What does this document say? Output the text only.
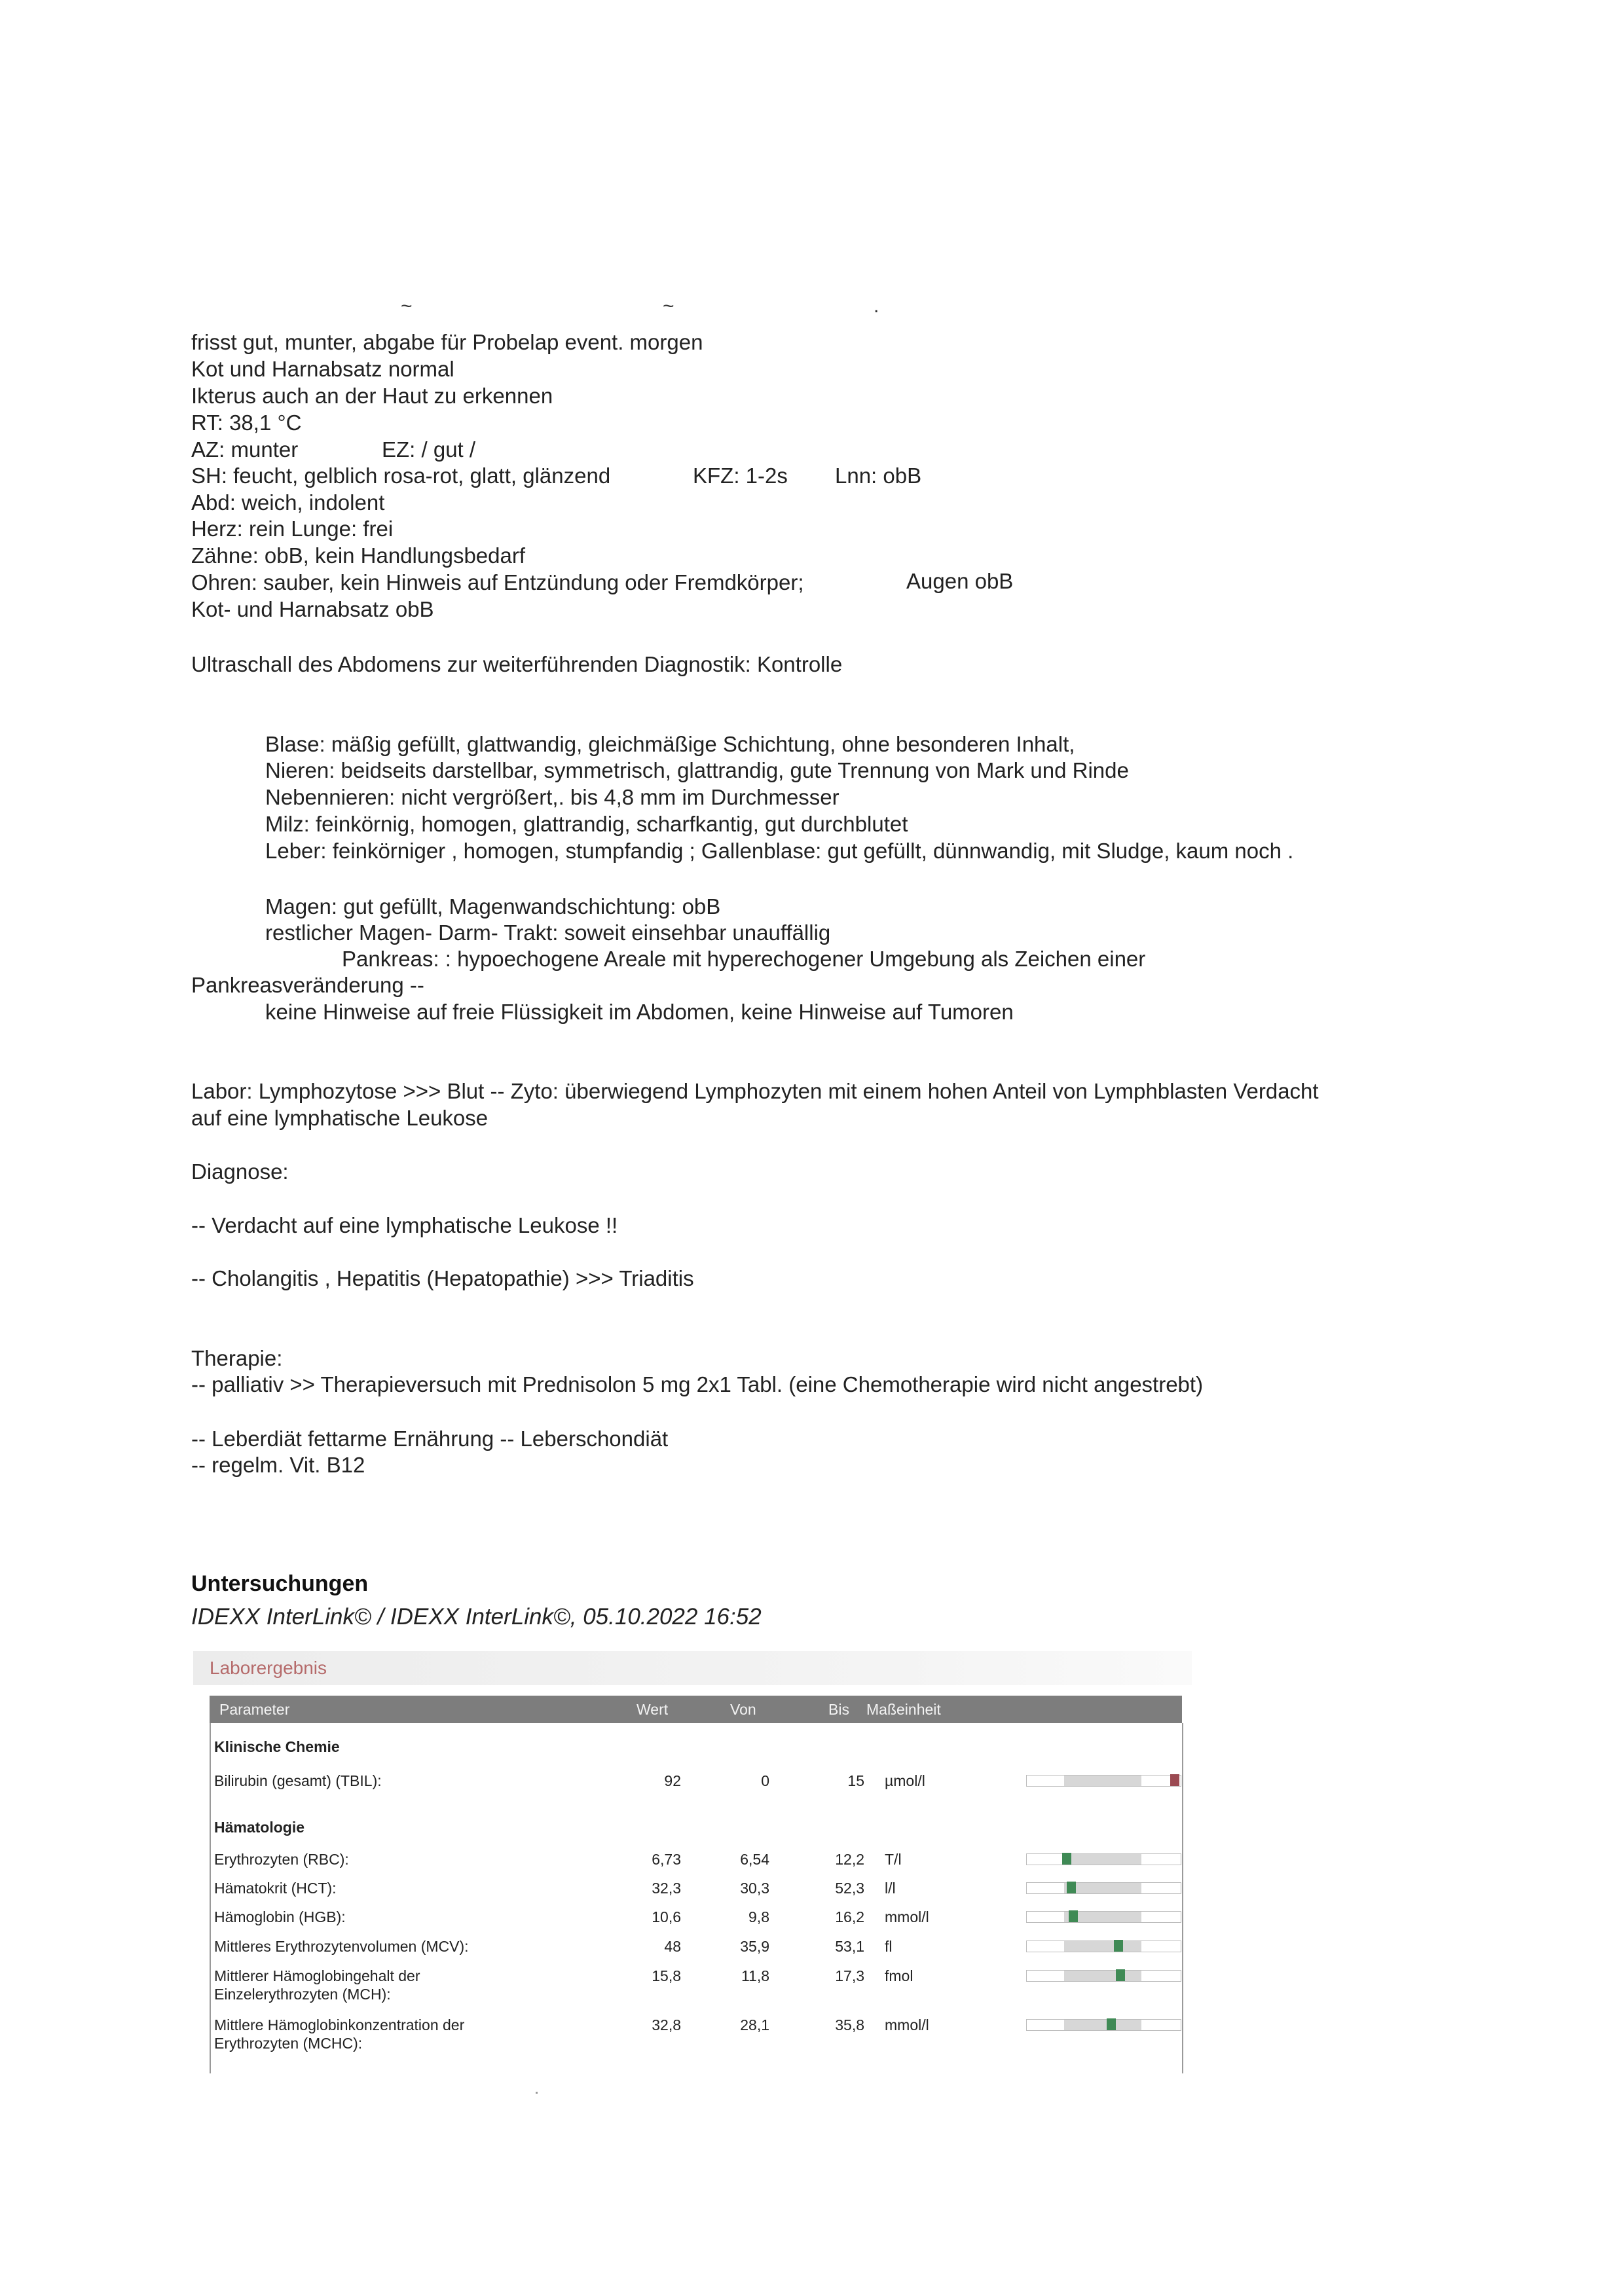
~	~	.
frisst gut, munter, abgabe für Probelap event. morgen
Kot und Harnabsatz normal
Ikterus auch an der Haut zu erkennen
RT: 38,1 °C
AZ: munter	EZ: / gut /
SH: feucht, gelblich rosa-rot, glatt, glänzend	KFZ: 1-2s Lnn: obB
Abd: weich, indolent
Herz: rein Lunge: frei
Zähne: obB, kein Handlungsbedarf
Ohren: sauber, kein Hinweis auf Entzündung oder Fremdkörper;	Augen obB
Kot- und Harnabsatz obB
Ultraschall des Abdomens zur weiterführenden Diagnostik: Kontrolle
Blase: mäßig gefüllt, glattwandig, gleichmäßige Schichtung, ohne besonderen Inhalt,
Nieren: beidseits darstellbar, symmetrisch, glattrandig, gute Trennung von Mark und Rinde
Nebennieren: nicht vergrößert,. bis 4,8 mm im Durchmesser
Milz: feinkörnig, homogen, glattrandig, scharfkantig, gut durchblutet
Leber: feinkörniger , homogen, stumpfandig ; Gallenblase: gut gefüllt, dünnwandig, mit Sludge, kaum noch .
Magen: gut gefüllt, Magenwandschichtung: obB
restlicher Magen- Darm- Trakt: soweit einsehbar unauffällig
Pankreas: : hypoechogene Areale mit hyperechogener Umgebung als Zeichen einer
Pankreasveränderung --
keine Hinweise auf freie Flüssigkeit im Abdomen, keine Hinweise auf Tumoren
Labor: Lymphozytose >>> Blut -- Zyto: überwiegend Lymphozyten mit einem hohen Anteil von Lymphblasten Verdacht
auf eine lymphatische Leukose
Diagnose:
-- Verdacht auf eine lymphatische Leukose !!
-- Cholangitis , Hepatitis (Hepatopathie) >>> Triaditis
Therapie:
-- palliativ >> Therapieversuch mit Prednisolon 5 mg 2x1 Tabl. (eine Chemotherapie wird nicht angestrebt)
-- Leberdiät fettarme Ernährung -- Leberschondiät
-- regelm. Vit. B12
Untersuchungen
IDEXX InterLink© / IDEXX InterLink©, 05.10.2022 16:52
Laborergebnis
Parameter	Wert	Von	Bis Maßeinheit
Klinische Chemie
Bilirubin (gesamt) (TBIL):	92	0	15 µmol/l
Hämatologie
Erythrozyten (RBC):	6,73	6,54	12,2 T/l
Hämatokrit (HCT):	32,3	30,3	52,3 l/l
Hämoglobin (HGB):	10,6	9,8	16,2 mmol/l
Mittleres Erythrozytenvolumen (MCV):	48	35,9	53,1 fl
Mittlerer Hämoglobingehalt der
Einzelerythrozyten (MCH):
15,8	11,8	17,3 fmol
Mittlere Hämoglobinkonzentration der
Erythrozyten (MCHC):
32,8	28,1	35,8 mmol/l
